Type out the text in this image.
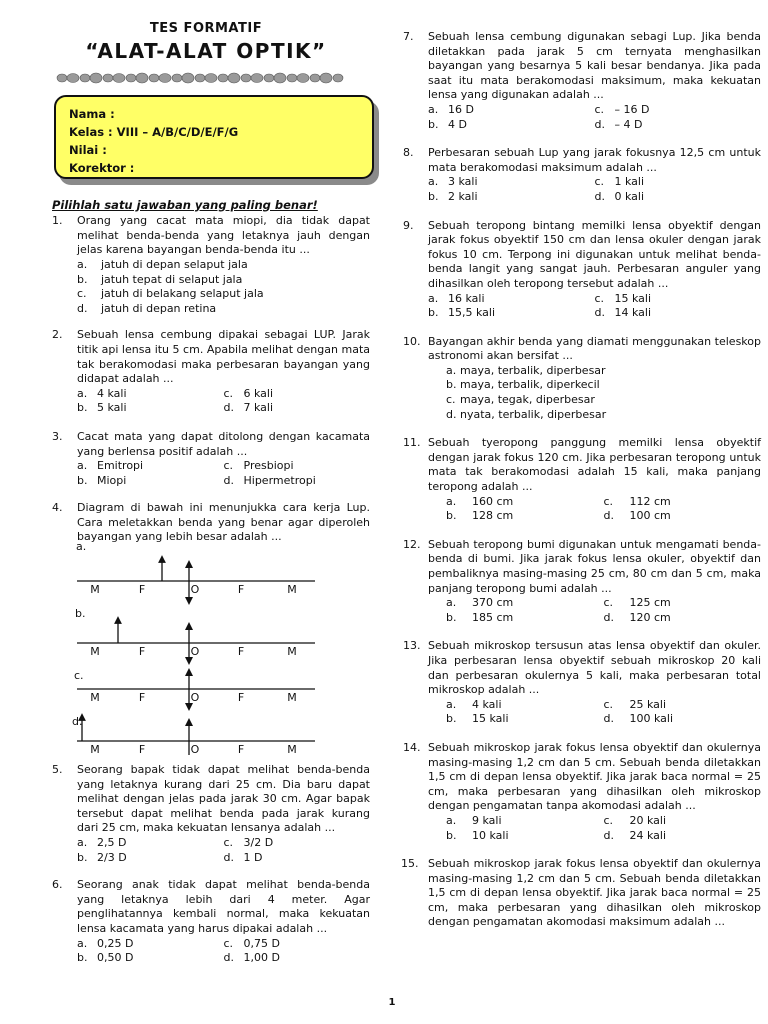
TES FORMATIF
“ALAT-ALAT OPTIK”
Nama :
Kelas : VIII – A/B/C/D/E/F/G
Nilai :
Korektor :
Pilihlah satu jawaban yang paling benar!
1. Orang yang cacat mata miopi, dia tidak dapat melihat benda-benda yang letaknya jauh dengan jelas karena bayangan benda-benda itu ...
a.	jatuh di depan selaput jala
b.	jatuh tepat di selaput jala
c.	jatuh di belakang selaput jala
d.	jatuh di depan retina
2. Sebuah lensa cembung dipakai sebagai LUP. Jarak titik api lensa itu 5 cm. Apabila melihat dengan mata tak berakomodasi maka perbesaran bayangan yang didapat adalah ...
a. 4 kali	c. 6 kali
b. 5 kali	d. 7 kali
3. Cacat mata yang dapat ditolong dengan kacamata yang berlensa positif adalah ...
a. Emitropi	c. Presbiopi
b. Miopi	d. Hipermetropi
4. Diagram di bawah ini menunjukka cara kerja Lup. Cara meletakkan benda yang benar agar diperoleh bayangan yang lebih besar adalah ...
a.
b.
c.
d.
M	F	O	F	M
M	F	O	F	M
M	F	O	F	M
M	F	O	F	M
5. Seorang bapak tidak dapat melihat benda-benda yang letaknya kurang dari 25 cm. Dia baru dapat melihat dengan jelas pada jarak 30 cm. Agar bapak tersebut dapat melihat benda pada jarak kurang dari 25 cm, maka kekuatan lensanya adalah ...
a. 2,5 D	c. 3/2 D
b. 2/3 D	d. 1 D
6. Seorang anak tidak dapat melihat benda-benda yang letaknya lebih dari 4 meter. Agar penglihatannya kembali normal, maka kekuatan lensa kacamata yang harus dipakai adalah ...
a. 0,25 D	c. 0,75 D
b. 0,50 D	d. 1,00 D
7. Sebuah lensa cembung digunakan sebagi Lup. Jika benda diletakkan pada jarak 5 cm ternyata menghasilkan bayangan yang besarnya 5 kali besar bendanya. Jika pada saat itu mata berakomodasi maksimum, maka kekuatan lensa yang digunakan adalah ...
a. 16 D	c. – 16 D
b. 4 D	d. – 4 D
8. Perbesaran sebuah Lup yang jarak fokusnya 12,5 cm untuk mata berakomodasi maksimum adalah ...
a. 3 kali	c. 1 kali
b. 2 kali	d. 0 kali
9. Sebuah teropong bintang memilki lensa obyektif dengan jarak fokus obyektif 150 cm dan lensa okuler dengan jarak fokus 10 cm. Terpong ini digunakan untuk melihat benda-benda langit yang sangat jauh. Perbesaran anguler yang dihasilkan oleh teropong tersebut adalah ...
a. 16 kali	c. 15 kali
b. 15,5 kali	d. 14 kali
10. Bayangan akhir benda yang diamati menggunakan teleskop astronomi akan bersifat ...
a. maya, terbalik, diperbesar
b. maya, terbalik, diperkecil
c. maya, tegak, diperbesar
d. nyata, terbalik, diperbesar
11. Sebuah tyeropong panggung memilki lensa obyektif dengan jarak fokus 120 cm. Jika perbesaran teropong untuk mata tak berakomodasi adalah 15 kali, maka panjang teropong adalah ...
a.	160 cm	c.	112 cm
b.	128 cm	d.	100 cm
12. Sebuah teropong bumi digunakan untuk mengamati benda-benda di bumi. Jika jarak fokus lensa okuler, obyektif dan pembaliknya masing-masing 25 cm, 80 cm dan 5 cm, maka panjang teropong bumi adalah ...
a.	370 cm	c.	125 cm
b.	185 cm	d.	120 cm
13. Sebuah mikroskop tersusun atas lensa obyektif dan okuler. Jika perbesaran lensa obyektif sebuah mikroskop 20 kali dan perbesaran okulernya 5 kali, maka perbesaran total mikroskop adalah ...
a.	4 kali	c.	25 kali
b.	15 kali	d.	100 kali
14. Sebuah mikroskop jarak fokus lensa obyektif dan okulernya masing-masing 1,2 cm dan 5 cm. Sebuah benda diletakkan 1,5 cm di depan lensa obyektif. Jika jarak baca normal = 25 cm, maka perbesaran yang dihasilkan oleh mikroskop dengan pengamatan tanpa akomodasi adalah ...
a.	9 kali	c.	20 kali
b.	10 kali	d.	24 kali
15. Sebuah mikroskop jarak fokus lensa obyektif dan okulernya masing-masing 1,2 cm dan 5 cm. Sebuah benda diletakkan 1,5 cm di depan lensa obyektif. Jika jarak baca normal = 25 cm, maka perbesaran yang dihasilkan oleh mikroskop dengan pengamatan akomodasi maksimum adalah ...
1
